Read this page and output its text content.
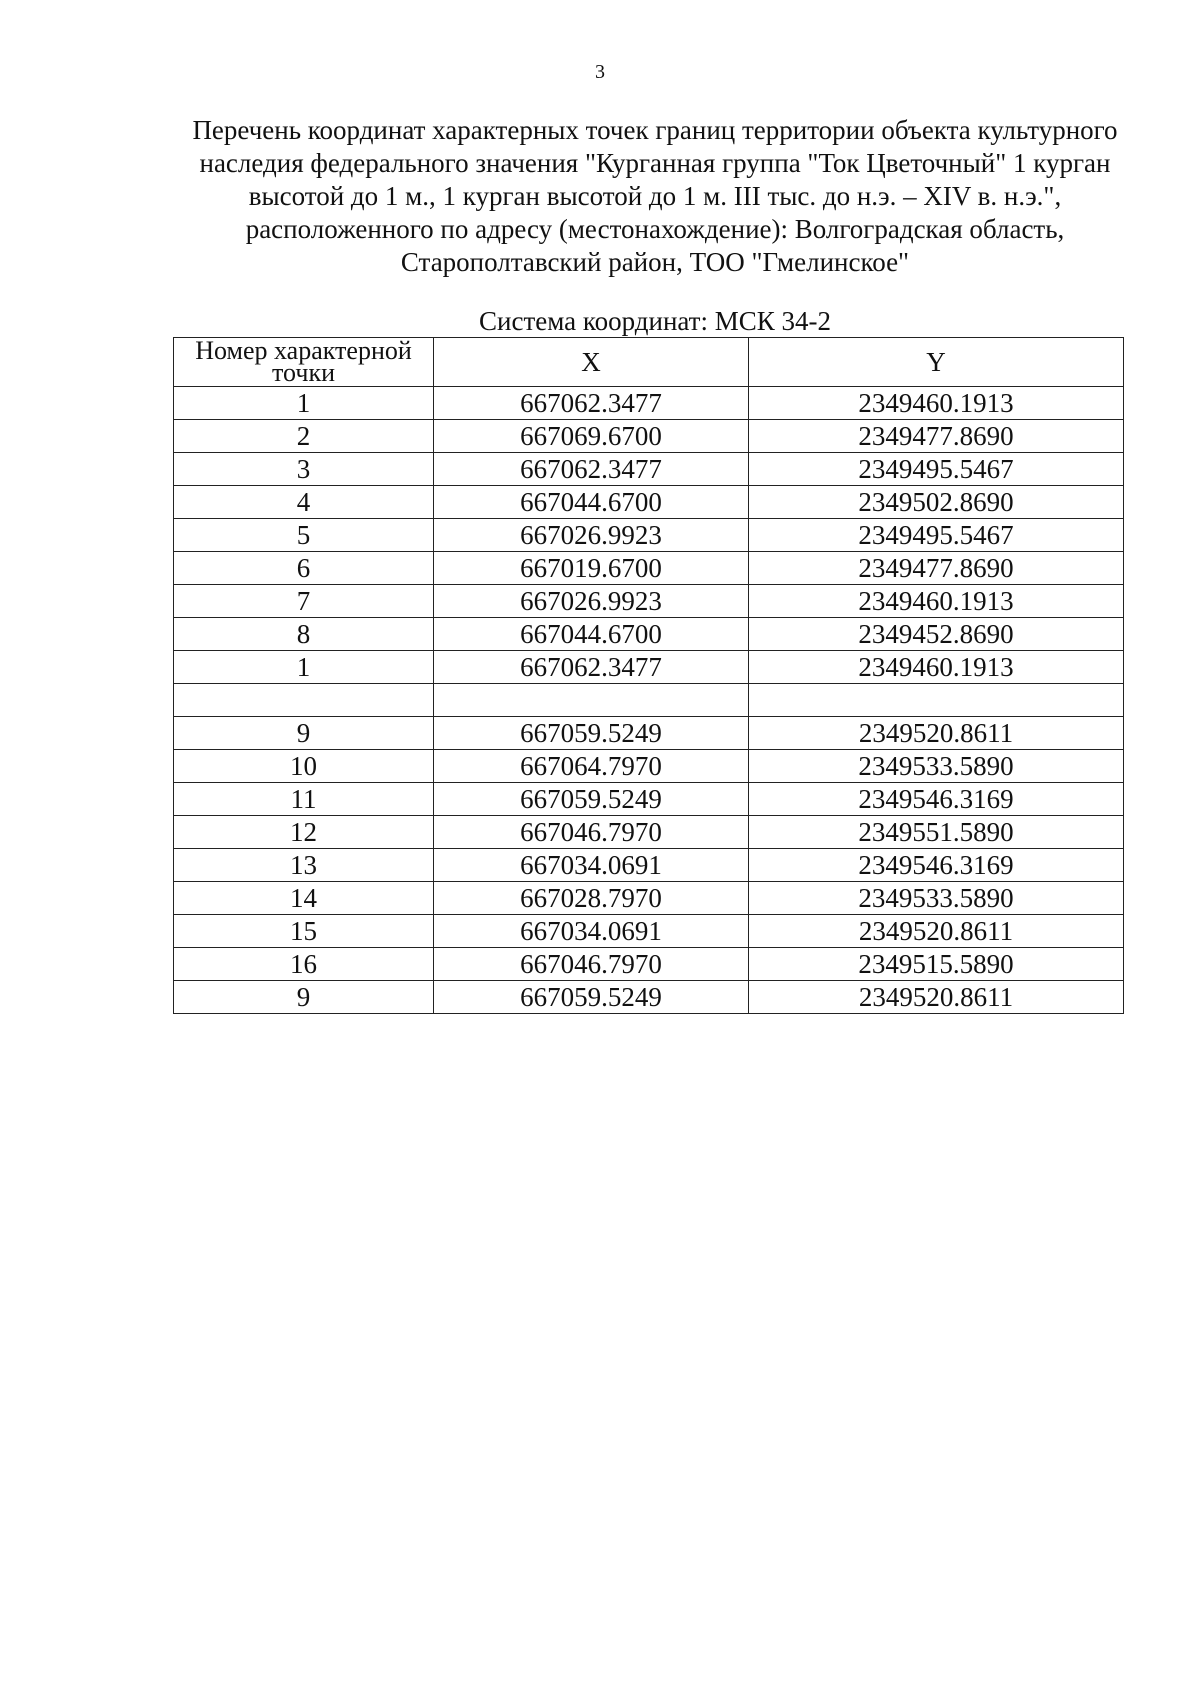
3
Перечень координат характерных точек границ территории объекта культурного
наследия федерального значения "Курганная группа "Ток Цветочный" 1 курган
высотой до 1 м., 1 курган высотой до 1 м. III тыс. до н.э. – XIV в. н.э.",
расположенного по адресу (местонахождение): Волгоградская область,
Старополтавский район, ТОО "Гмелинское"
Система координат: МСК 34-2
Номер характерной
точки	X	Y
1	667062.3477	2349460.1913
2	667069.6700	2349477.8690
3	667062.3477	2349495.5467
4	667044.6700	2349502.8690
5	667026.9923	2349495.5467
6	667019.6700	2349477.8690
7	667026.9923	2349460.1913
8	667044.6700	2349452.8690
1	667062.3477	2349460.1913

9	667059.5249	2349520.8611
10	667064.7970	2349533.5890
11	667059.5249	2349546.3169
12	667046.7970	2349551.5890
13	667034.0691	2349546.3169
14	667028.7970	2349533.5890
15	667034.0691	2349520.8611
16	667046.7970	2349515.5890
9	667059.5249	2349520.8611
